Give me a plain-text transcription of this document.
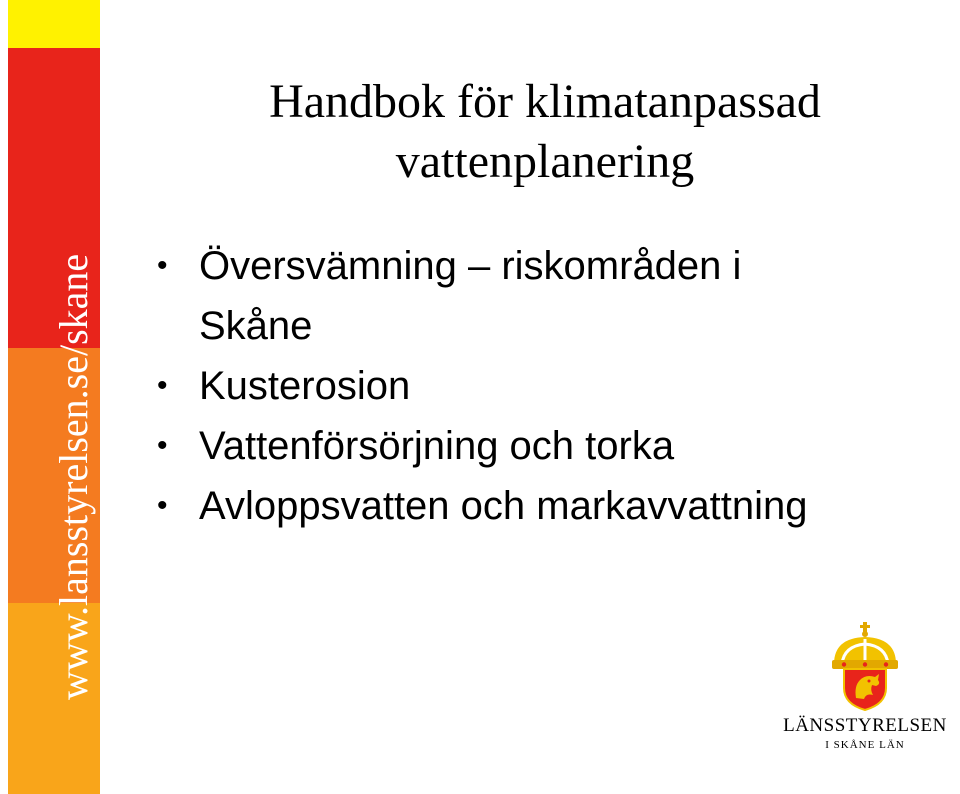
www.lansstyrelsen.se/skane
Handbok för klimatanpassad
vattenplanering
• Översvämning – riskområden i
Skåne
• Kusterosion
• Vattenförsörjning och torka
• Avloppsvatten och markavvattning
LÄNSSTYRELSEN
I SKÅNE LÄN
